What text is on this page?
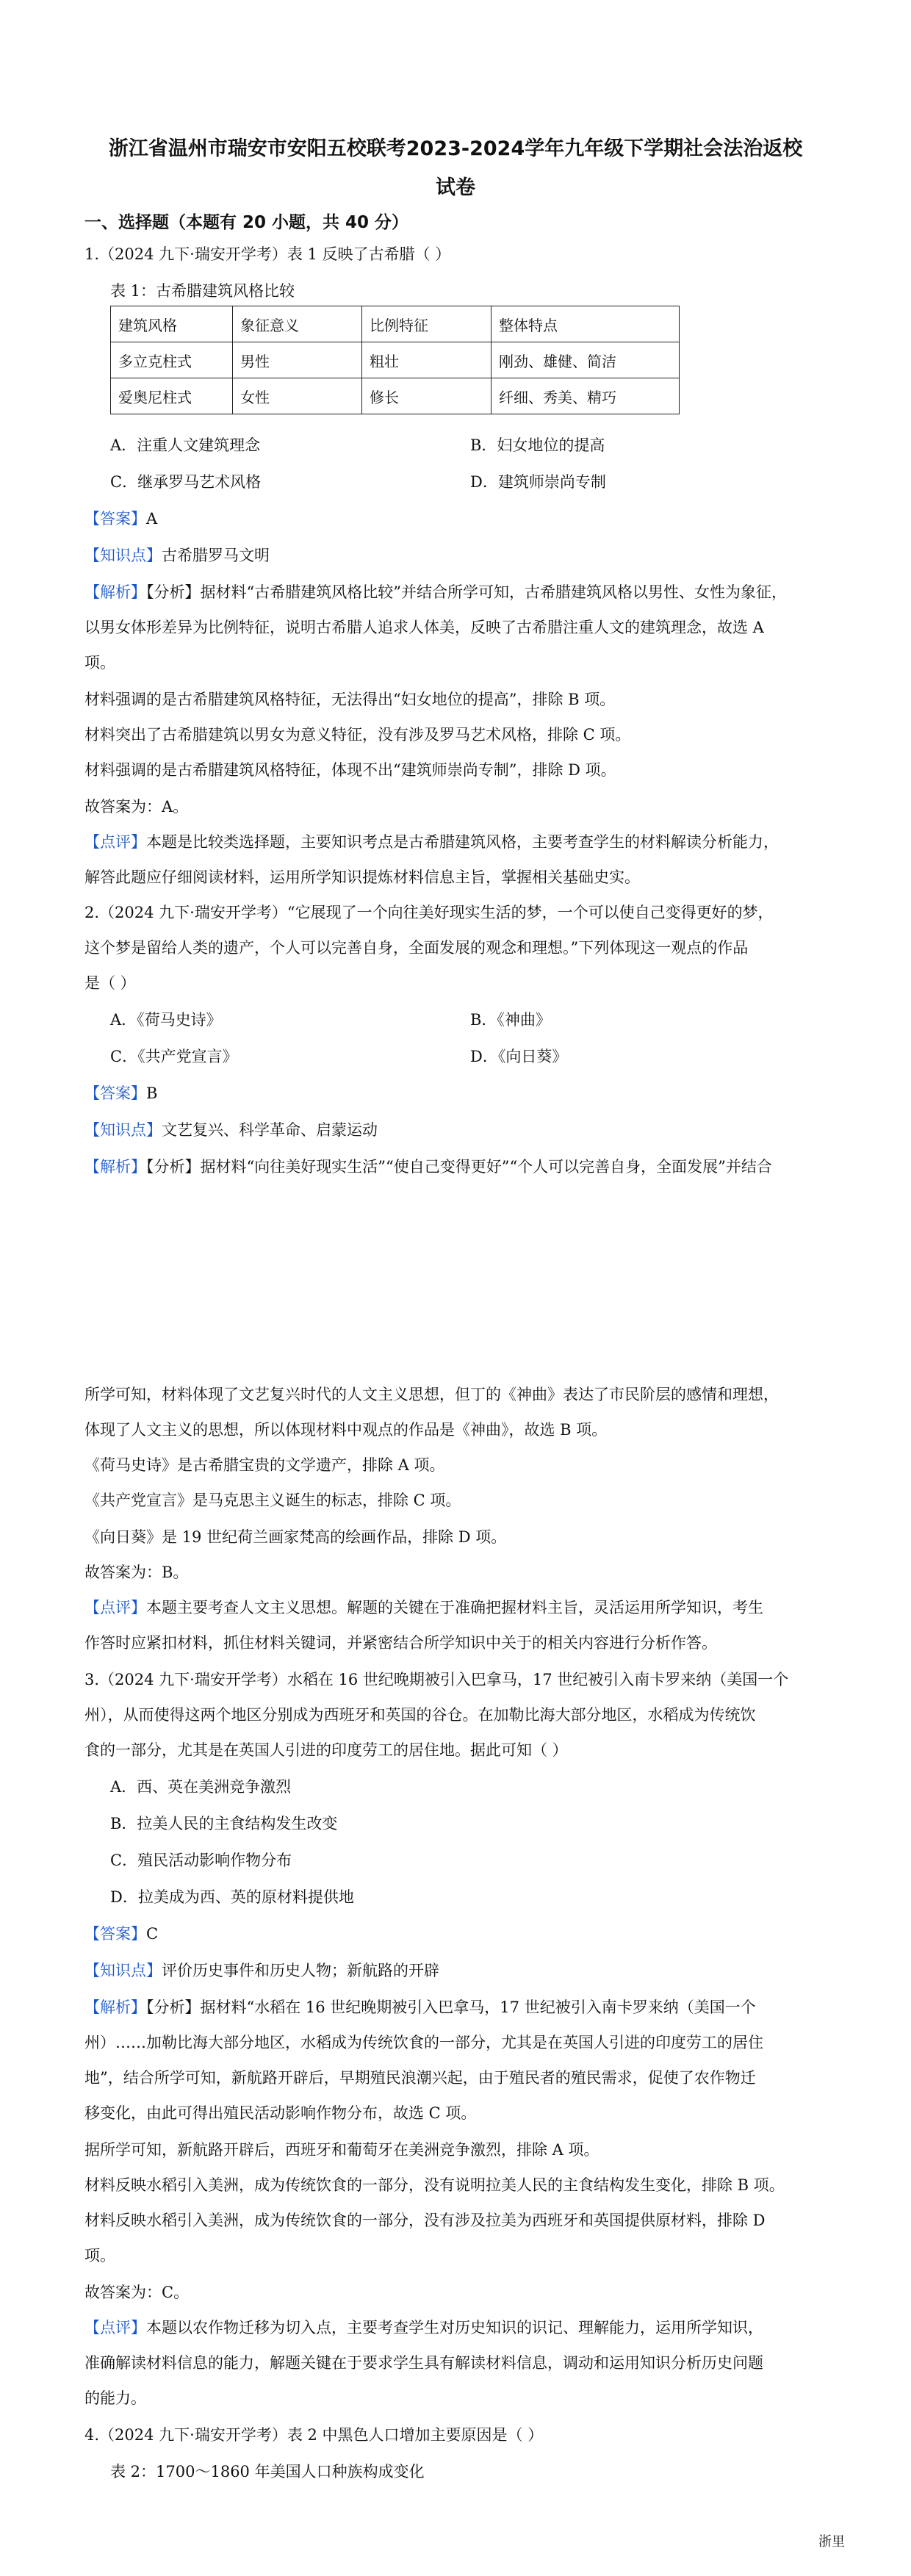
浙江省温州市瑞安市安阳五校联考2023-2024学年九年级下学期社会法治返校
试卷
一、选择题（本题有 20 小题，共 40 分）
1.（2024 九下·瑞安开学考）表 1 反映了古希腊（ ）
表 1：古希腊建筑风格比较
建筑风格	象征意义	比例特征	整体特点
多立克柱式	男性	粗壮	刚劲、雄健、简洁
爱奥尼柱式	女性	修长	纤细、秀美、精巧
A．注重人文建筑理念	B．妇女地位的提高
C．继承罗马艺术风格	D．建筑师崇尚专制
【答案】A
【知识点】古希腊罗马文明
【解析】【分析】据材料“古希腊建筑风格比较”并结合所学可知，古希腊建筑风格以男性、女性为象征，
以男女体形差异为比例特征，说明古希腊人追求人体美，反映了古希腊注重人文的建筑理念，故选 A
项。
材料强调的是古希腊建筑风格特征，无法得出“妇女地位的提高”，排除 B 项。
材料突出了古希腊建筑以男女为意义特征，没有涉及罗马艺术风格，排除 C 项。
材料强调的是古希腊建筑风格特征，体现不出“建筑师崇尚专制”，排除 D 项。
故答案为：A。
【点评】本题是比较类选择题，主要知识考点是古希腊建筑风格，主要考查学生的材料解读分析能力，
解答此题应仔细阅读材料，运用所学知识提炼材料信息主旨，掌握相关基础史实。
2.（2024 九下·瑞安开学考）“它展现了一个向往美好现实生活的梦，一个可以使自己变得更好的梦，
这个梦是留给人类的遗产，个人可以完善自身，全面发展的观念和理想。”下列体现这一观点的作品
是（ ）
A．《荷马史诗》	B．《神曲》
C．《共产党宣言》	D．《向日葵》
【答案】B
【知识点】文艺复兴、科学革命、启蒙运动
【解析】【分析】据材料“向往美好现实生活”“使自己变得更好”“个人可以完善自身，全面发展”并结合
所学可知，材料体现了文艺复兴时代的人文主义思想，但丁的《神曲》表达了市民阶层的感情和理想，
体现了人文主义的思想，所以体现材料中观点的作品是《神曲》，故选 B 项。
《荷马史诗》是古希腊宝贵的文学遗产，排除 A 项。
《共产党宣言》是马克思主义诞生的标志，排除 C 项。
《向日葵》是 19 世纪荷兰画家梵高的绘画作品，排除 D 项。
故答案为：B。
【点评】本题主要考查人文主义思想。解题的关键在于准确把握材料主旨，灵活运用所学知识，考生
作答时应紧扣材料，抓住材料关键词，并紧密结合所学知识中关于的相关内容进行分析作答。
3.（2024 九下·瑞安开学考）水稻在 16 世纪晚期被引入巴拿马，17 世纪被引入南卡罗来纳（美国一个
州），从而使得这两个地区分别成为西班牙和英国的谷仓。在加勒比海大部分地区，水稻成为传统饮
食的一部分，尤其是在英国人引进的印度劳工的居住地。据此可知（ ）
A．西、英在美洲竞争激烈
B．拉美人民的主食结构发生改变
C．殖民活动影响作物分布
D．拉美成为西、英的原材料提供地
【答案】C
【知识点】评价历史事件和历史人物；新航路的开辟
【解析】【分析】据材料“水稻在 16 世纪晚期被引入巴拿马，17 世纪被引入南卡罗来纳（美国一个
州）……加勒比海大部分地区，水稻成为传统饮食的一部分，尤其是在英国人引进的印度劳工的居住
地”，结合所学可知，新航路开辟后，早期殖民浪潮兴起，由于殖民者的殖民需求，促使了农作物迁
移变化，由此可得出殖民活动影响作物分布，故选 C 项。
据所学可知，新航路开辟后，西班牙和葡萄牙在美洲竞争激烈，排除 A 项。
材料反映水稻引入美洲，成为传统饮食的一部分，没有说明拉美人民的主食结构发生变化，排除 B 项。
材料反映水稻引入美洲，成为传统饮食的一部分，没有涉及拉美为西班牙和英国提供原材料，排除 D
项。
故答案为：C。
【点评】本题以农作物迁移为切入点，主要考查学生对历史知识的识记、理解能力，运用所学知识，
准确解读材料信息的能力，解题关键在于要求学生具有解读材料信息，调动和运用知识分析历史问题
的能力。
4.（2024 九下·瑞安开学考）表 2 中黑色人口增加主要原因是（ ）
表 2：1700～1860 年美国人口种族构成变化
浙里
